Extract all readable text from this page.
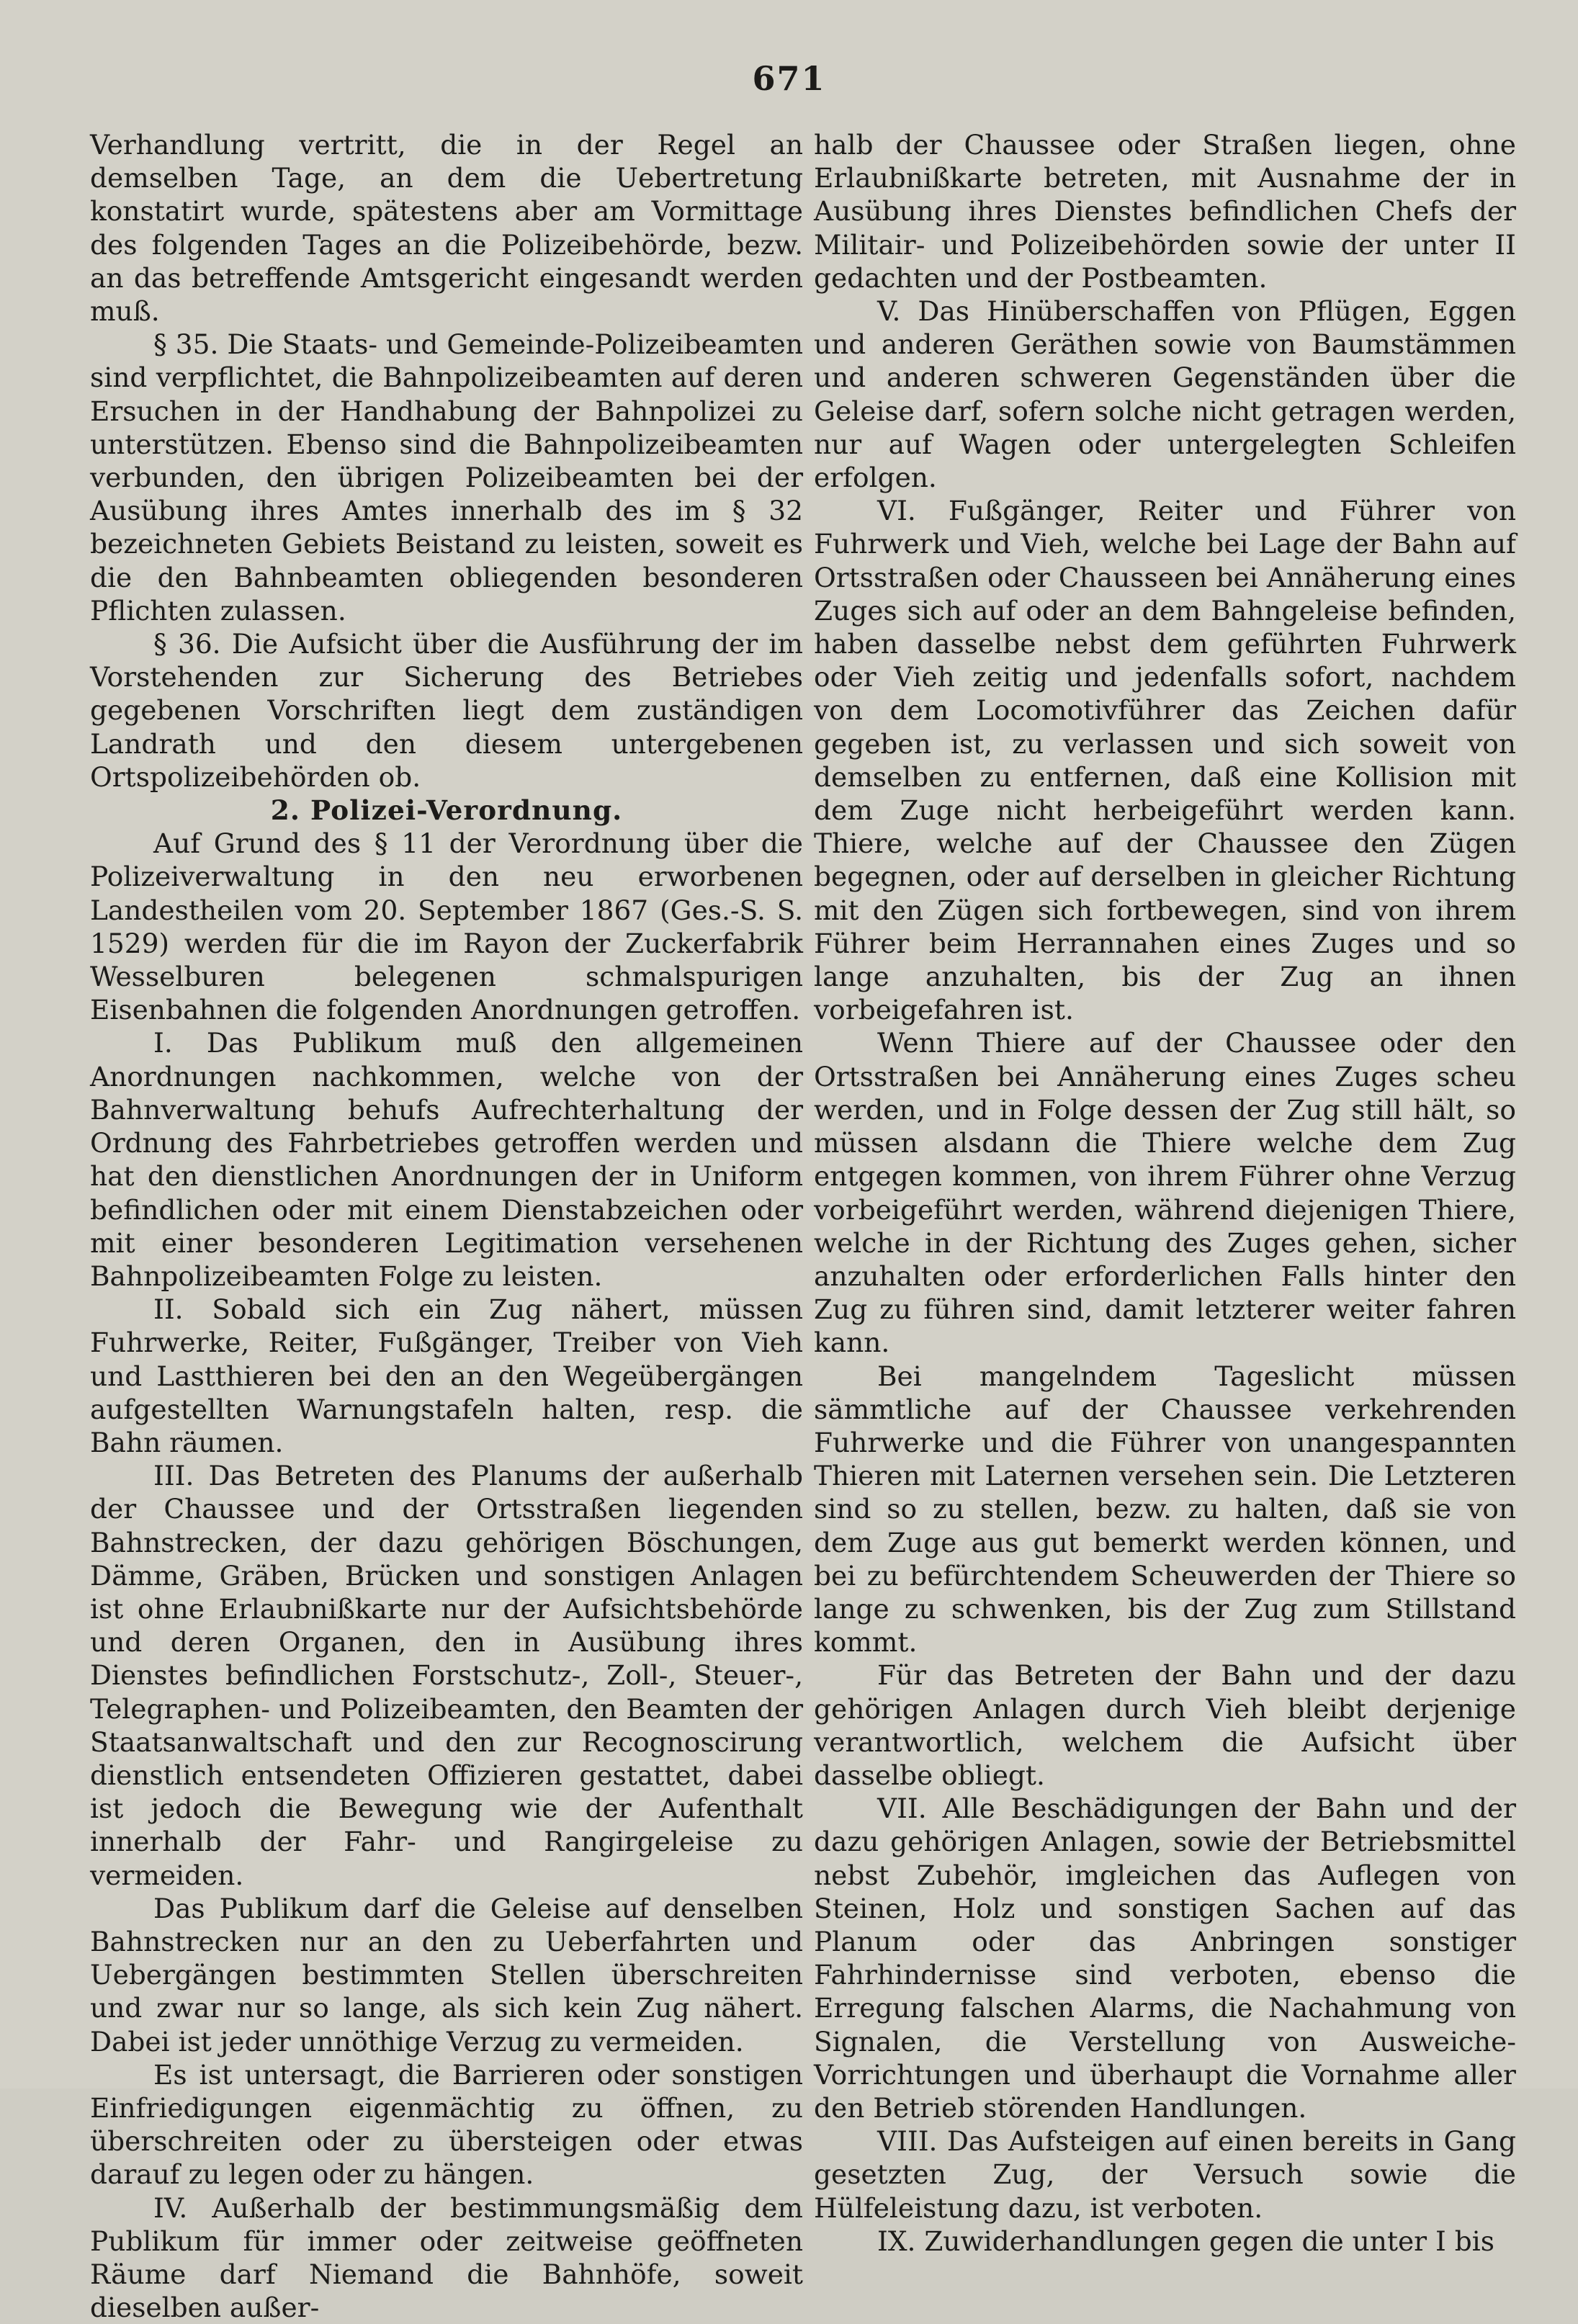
671

Verhandlung vertritt, die in der Regel an demselben Tage, an dem die Uebertretung konstatirt wurde, spätestens aber am Vormittage des folgenden Tages an die Polizeibehörde, bezw. an das betreffende Amtsgericht eingesandt werden muß.

§ 35. Die Staats- und Gemeinde-Polizeibeamten sind verpflichtet, die Bahnpolizeibeamten auf deren Ersuchen in der Handhabung der Bahnpolizei zu unterstützen. Ebenso sind die Bahnpolizeibeamten verbunden, den übrigen Polizeibeamten bei der Ausübung ihres Amtes innerhalb des im § 32 bezeichneten Gebiets Beistand zu leisten, soweit es die den Bahnbeamten obliegenden besonderen Pflichten zulassen.

§ 36. Die Aufsicht über die Ausführung der im Vorstehenden zur Sicherung des Betriebes gegebenen Vorschriften liegt dem zuständigen Landrath und den diesem untergebenen Ortspolizeibehörden ob.

2. Polizei-Verordnung.

Auf Grund des § 11 der Verordnung über die Polizeiverwaltung in den neu erworbenen Landestheilen vom 20. September 1867 (Ges.-S. S. 1529) werden für die im Rayon der Zuckerfabrik Wesselburen belegenen schmalspurigen Eisenbahnen die folgenden Anordnungen getroffen.

I. Das Publikum muß den allgemeinen Anordnungen nachkommen, welche von der Bahnverwaltung behufs Aufrechterhaltung der Ordnung des Fahrbetriebes getroffen werden und hat den dienstlichen Anordnungen der in Uniform befindlichen oder mit einem Dienstabzeichen oder mit einer besonderen Legitimation versehenen Bahnpolizeibeamten Folge zu leisten.

II. Sobald sich ein Zug nähert, müssen Fuhrwerke, Reiter, Fußgänger, Treiber von Vieh und Lastthieren bei den an den Wegeübergängen aufgestellten Warnungstafeln halten, resp. die Bahn räumen.

III. Das Betreten des Planums der außerhalb der Chaussee und der Ortsstraßen liegenden Bahnstrecken, der dazu gehörigen Böschungen, Dämme, Gräben, Brücken und sonstigen Anlagen ist ohne Erlaubnißkarte nur der Aufsichtsbehörde und deren Organen, den in Ausübung ihres Dienstes befindlichen Forstschutz-, Zoll-, Steuer-, Telegraphen- und Polizeibeamten, den Beamten der Staatsanwaltschaft und den zur Recognoscirung dienstlich entsendeten Offizieren gestattet, dabei ist jedoch die Bewegung wie der Aufenthalt innerhalb der Fahr- und Rangirgeleise zu vermeiden.

Das Publikum darf die Geleise auf denselben Bahnstrecken nur an den zu Ueberfahrten und Uebergängen bestimmten Stellen überschreiten und zwar nur so lange, als sich kein Zug nähert. Dabei ist jeder unnöthige Verzug zu vermeiden.

Es ist untersagt, die Barrieren oder sonstigen Einfriedigungen eigenmächtig zu öffnen, zu überschreiten oder zu übersteigen oder etwas darauf zu legen oder zu hängen.

IV. Außerhalb der bestimmungsmäßig dem Publikum für immer oder zeitweise geöffneten Räume darf Niemand die Bahnhöfe, soweit dieselben außer-

halb der Chaussee oder Straßen liegen, ohne Erlaubnißkarte betreten, mit Ausnahme der in Ausübung ihres Dienstes befindlichen Chefs der Militair- und Polizeibehörden sowie der unter II gedachten und der Postbeamten.

V. Das Hinüberschaffen von Pflügen, Eggen und anderen Geräthen sowie von Baumstämmen und anderen schweren Gegenständen über die Geleise darf, sofern solche nicht getragen werden, nur auf Wagen oder untergelegten Schleifen erfolgen.

VI. Fußgänger, Reiter und Führer von Fuhrwerk und Vieh, welche bei Lage der Bahn auf Ortsstraßen oder Chausseen bei Annäherung eines Zuges sich auf oder an dem Bahngeleise befinden, haben dasselbe nebst dem geführten Fuhrwerk oder Vieh zeitig und jedenfalls sofort, nachdem von dem Locomotivführer das Zeichen dafür gegeben ist, zu verlassen und sich soweit von demselben zu entfernen, daß eine Kollision mit dem Zuge nicht herbeigeführt werden kann. Thiere, welche auf der Chaussee den Zügen begegnen, oder auf derselben in gleicher Richtung mit den Zügen sich fortbewegen, sind von ihrem Führer beim Herrannahen eines Zuges und so lange anzuhalten, bis der Zug an ihnen vorbeigefahren ist.

Wenn Thiere auf der Chaussee oder den Ortsstraßen bei Annäherung eines Zuges scheu werden, und in Folge dessen der Zug still hält, so müssen alsdann die Thiere welche dem Zug entgegen kommen, von ihrem Führer ohne Verzug vorbeigeführt werden, während diejenigen Thiere, welche in der Richtung des Zuges gehen, sicher anzuhalten oder erforderlichen Falls hinter den Zug zu führen sind, damit letzterer weiter fahren kann.

Bei mangelndem Tageslicht müssen sämmtliche auf der Chaussee verkehrenden Fuhrwerke und die Führer von unangespannten Thieren mit Laternen versehen sein. Die Letzteren sind so zu stellen, bezw. zu halten, daß sie von dem Zuge aus gut bemerkt werden können, und bei zu befürchtendem Scheuwerden der Thiere so lange zu schwenken, bis der Zug zum Stillstand kommt.

Für das Betreten der Bahn und der dazu gehörigen Anlagen durch Vieh bleibt derjenige verantwortlich, welchem die Aufsicht über dasselbe obliegt.

VII. Alle Beschädigungen der Bahn und der dazu gehörigen Anlagen, sowie der Betriebsmittel nebst Zubehör, imgleichen das Auflegen von Steinen, Holz und sonstigen Sachen auf das Planum oder das Anbringen sonstiger Fahrhindernisse sind verboten, ebenso die Erregung falschen Alarms, die Nachahmung von Signalen, die Verstellung von Ausweiche-Vorrichtungen und überhaupt die Vornahme aller den Betrieb störenden Handlungen.

VIII. Das Aufsteigen auf einen bereits in Gang gesetzten Zug, der Versuch sowie die Hülfeleistung dazu, ist verboten.

IX. Zuwiderhandlungen gegen die unter I bis
